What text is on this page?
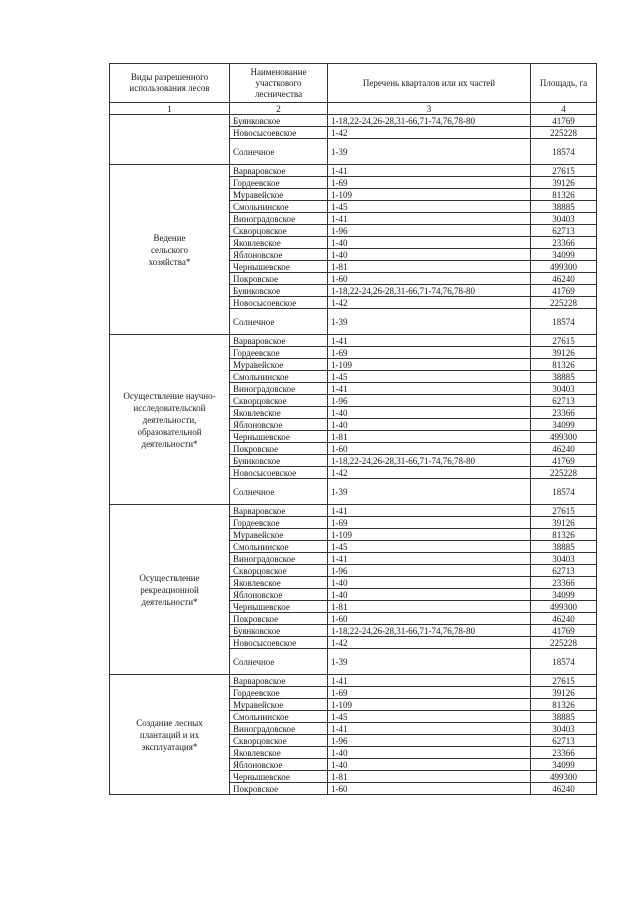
Виды разрешенного использования лесов	Наименование участкового лесничества	Перечень кварталов или их частей	Площадь, га
1	2	3	4
	Буянковское	1-18,22-24,26-28,31-66,71-74,76,78-80	41769
	Новосысоевское	1-42	225228
	Солнечное	1-39	18574

Ведение
сельского
хозяйства*	Варваровское	1-41	27615
	Гордеевское	1-69	39126
	Муравейское	1-109	81326
	Смольнинское	1-45	38885
	Виноградовское	1-41	30403
	Скворцовское	1-96	62713
	Яковлевское	1-40	23366
	Яблоновское	1-40	34099
	Чернышевское	1-81	499300
	Покровское	1-60	46240
	Буянковское	1-18,22-24,26-28,31-66,71-74,76,78-80	41769
	Новосысоевское	1-42	225228
	Солнечное	1-39	18574

Осуществление научно-
исследовательской
деятельности,
образовательной
деятельности*	Варваровское	1-41	27615
	Гордеевское	1-69	39126
	Муравейское	1-109	81326
	Смольнинское	1-45	38885
	Виноградовское	1-41	30403
	Скворцовское	1-96	62713
	Яковлевское	1-40	23366
	Яблоновское	1-40	34099
	Чернышевское	1-81	499300
	Покровское	1-60	46240
	Буянковское	1-18,22-24,26-28,31-66,71-74,76,78-80	41769
	Новосысоевское	1-42	225228
	Солнечное	1-39	18574

Осуществление
рекреационной
деятельности*	Варваровское	1-41	27615
	Гордеевское	1-69	39126
	Муравейское	1-109	81326
	Смольнинское	1-45	38885
	Виноградовское	1-41	30403
	Скворцовское	1-96	62713
	Яковлевское	1-40	23366
	Яблоновское	1-40	34099
	Чернышевское	1-81	499300
	Покровское	1-60	46240
	Буянковское	1-18,22-24,26-28,31-66,71-74,76,78-80	41769
	Новосысоевское	1-42	225228
	Солнечное	1-39	18574

Создание лесных
плантаций и их
эксплуатация*	Варваровское	1-41	27615
	Гордеевское	1-69	39126
	Муравейское	1-109	81326
	Смольнинское	1-45	38885
	Виноградовское	1-41	30403
	Скворцовское	1-96	62713
	Яковлевское	1-40	23366
	Яблоновское	1-40	34099
	Чернышевское	1-81	499300
	Покровское	1-60	46240
